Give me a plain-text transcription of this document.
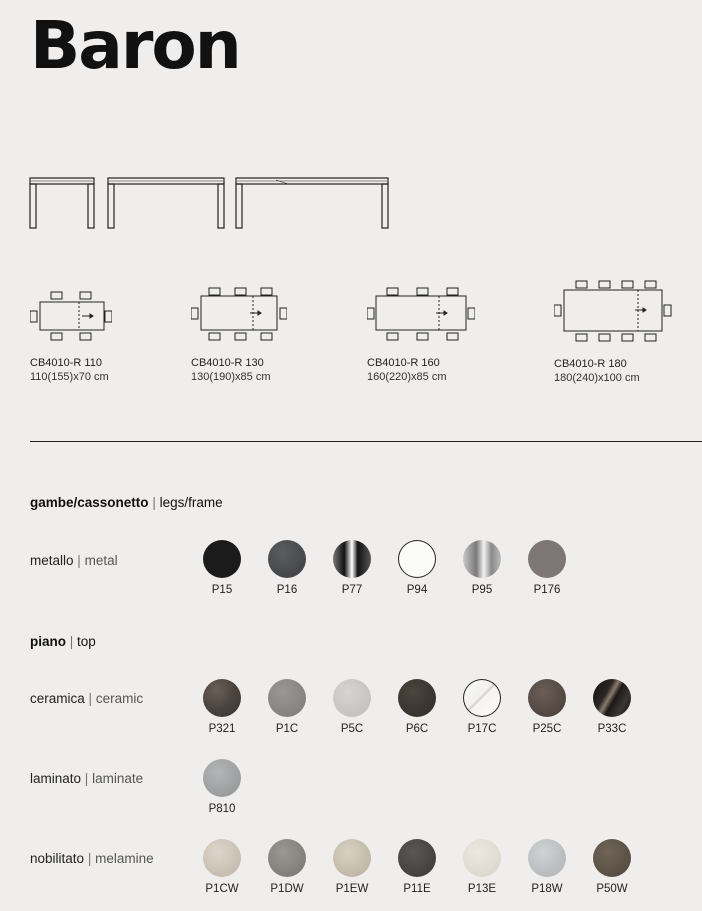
Baron
CB4010-R 110
110(155)x70 cm
CB4010-R 130
130(190)x85 cm
CB4010-R 160
160(220)x85 cm
CB4010-R 180
180(240)x100 cm
gambe/cassonetto | legs/frame
metallo | metal
P15	P16	P77	P94	P95	P176
piano | top
ceramica | ceramic
P321	P1C	P5C	P6C	P17C	P25C	P33C
laminato | laminate
P810
nobilitato | melamine
P1CW	P1DW	P1EW	P11E	P13E	P18W	P50W
